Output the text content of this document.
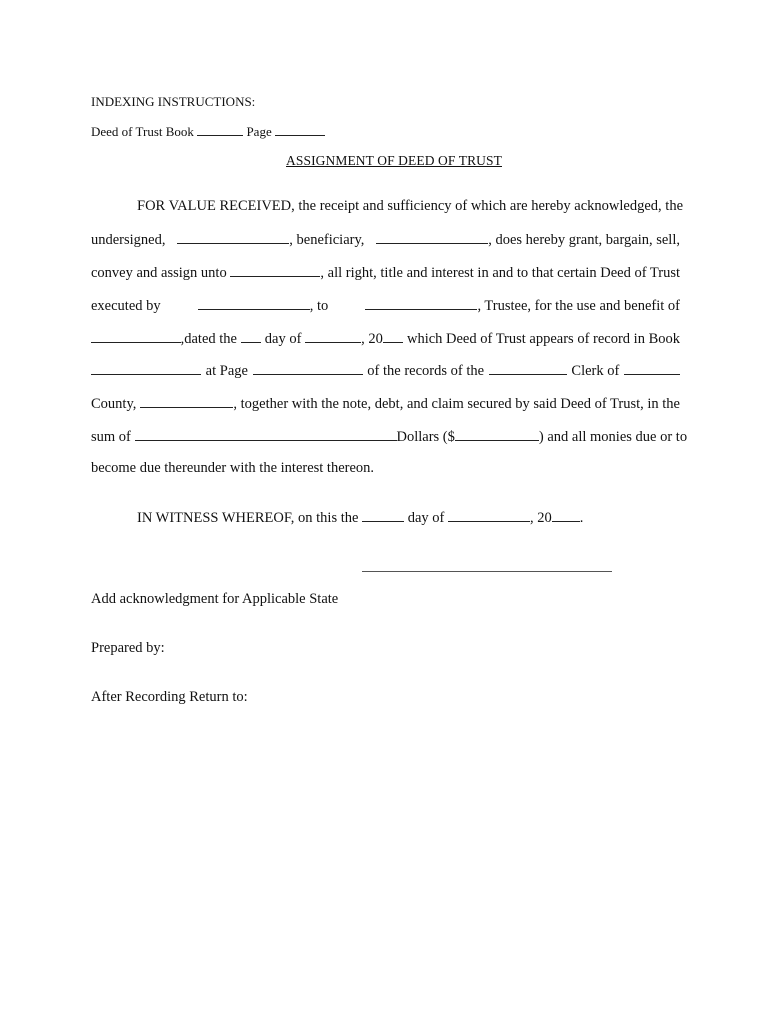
INDEXING INSTRUCTIONS:
Deed of Trust Book	Page
ASSIGNMENT OF DEED OF TRUST
FOR VALUE RECEIVED, the receipt and sufficiency of which are hereby acknowledged, the
undersigned,	, beneficiary,	, does hereby grant, bargain, sell,
convey and assign unto
	, all right, title and interest in and to that certain Deed of Trust
executed by	, to	, Trustee, for the use and benefit of
,dated the

day of
	, 20
which Deed of Trust appears of record in Book
at Page	of the records of the	Clerk of
County,
	, together with the note, debt, and claim secured by said Deed of Trust, in the
sum of
	Dollars ($	) and all monies due or to
become due thereunder with the interest thereon.
IN WITNESS WHEREOF, on this the	day of	, 20 .
Add acknowledgment for Applicable State
Prepared by:
After Recording Return to:
